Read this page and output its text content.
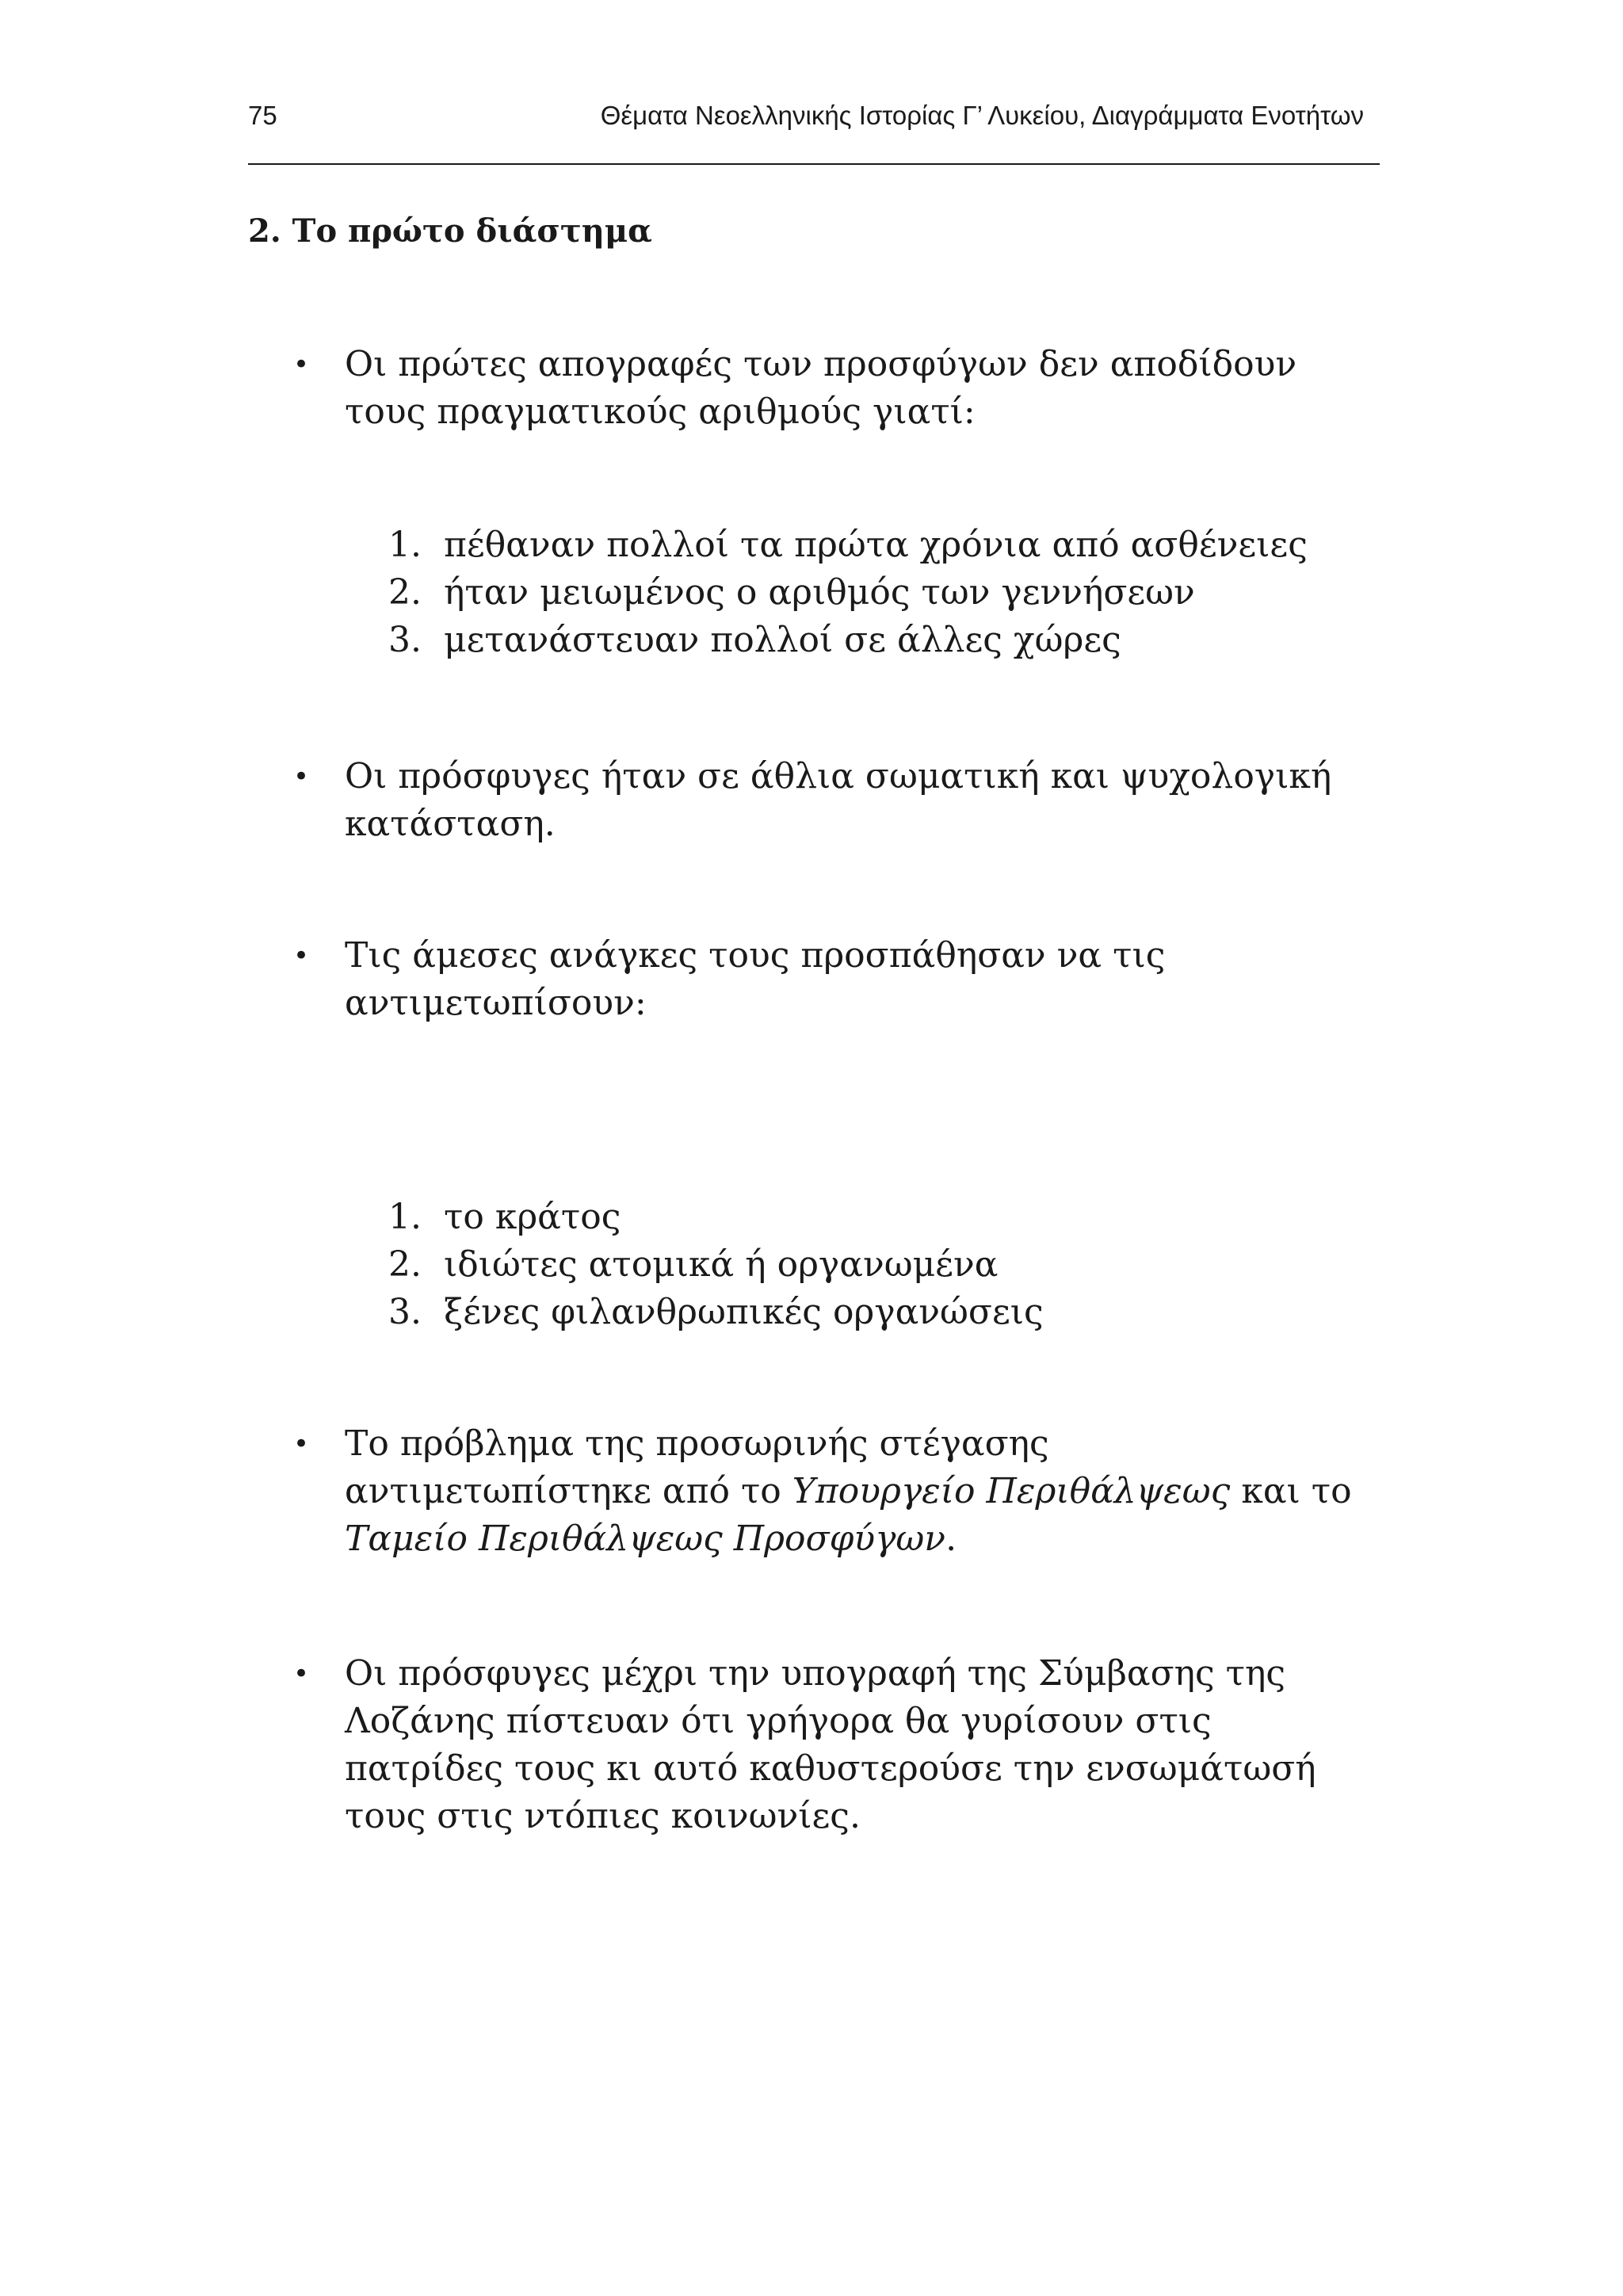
75	Θέματα Νεοελληνικής Ιστορίας Γ’ Λυκείου, Διαγράμματα Ενοτήτων
2. Το πρώτο διάστημα
• Οι πρώτες απογραφές των προσφύγων δεν αποδίδουν τους πραγματικούς αριθμούς γιατί:
1. πέθαναν πολλοί τα πρώτα χρόνια από ασθένειες
2. ήταν μειωμένος ο αριθμός των γεννήσεων
3. μετανάστευαν πολλοί σε άλλες χώρες
• Οι πρόσφυγες ήταν σε άθλια σωματική και ψυχολογική κατάσταση.
• Τις άμεσες ανάγκες τους προσπάθησαν να τις αντιμετωπίσουν:
1. το κράτος
2. ιδιώτες ατομικά ή οργανωμένα
3. ξένες φιλανθρωπικές οργανώσεις
• Το πρόβλημα της προσωρινής στέγασης αντιμετωπίστηκε από το Υπουργείο Περιθάλψεως και το Ταμείο Περιθάλψεως Προσφύγων.
• Οι πρόσφυγες μέχρι την υπογραφή της Σύμβασης της Λοζάνης πίστευαν ότι γρήγορα θα γυρίσουν στις πατρίδες τους κι αυτό καθυστερούσε την ενσωμάτωσή τους στις ντόπιες κοινωνίες.
